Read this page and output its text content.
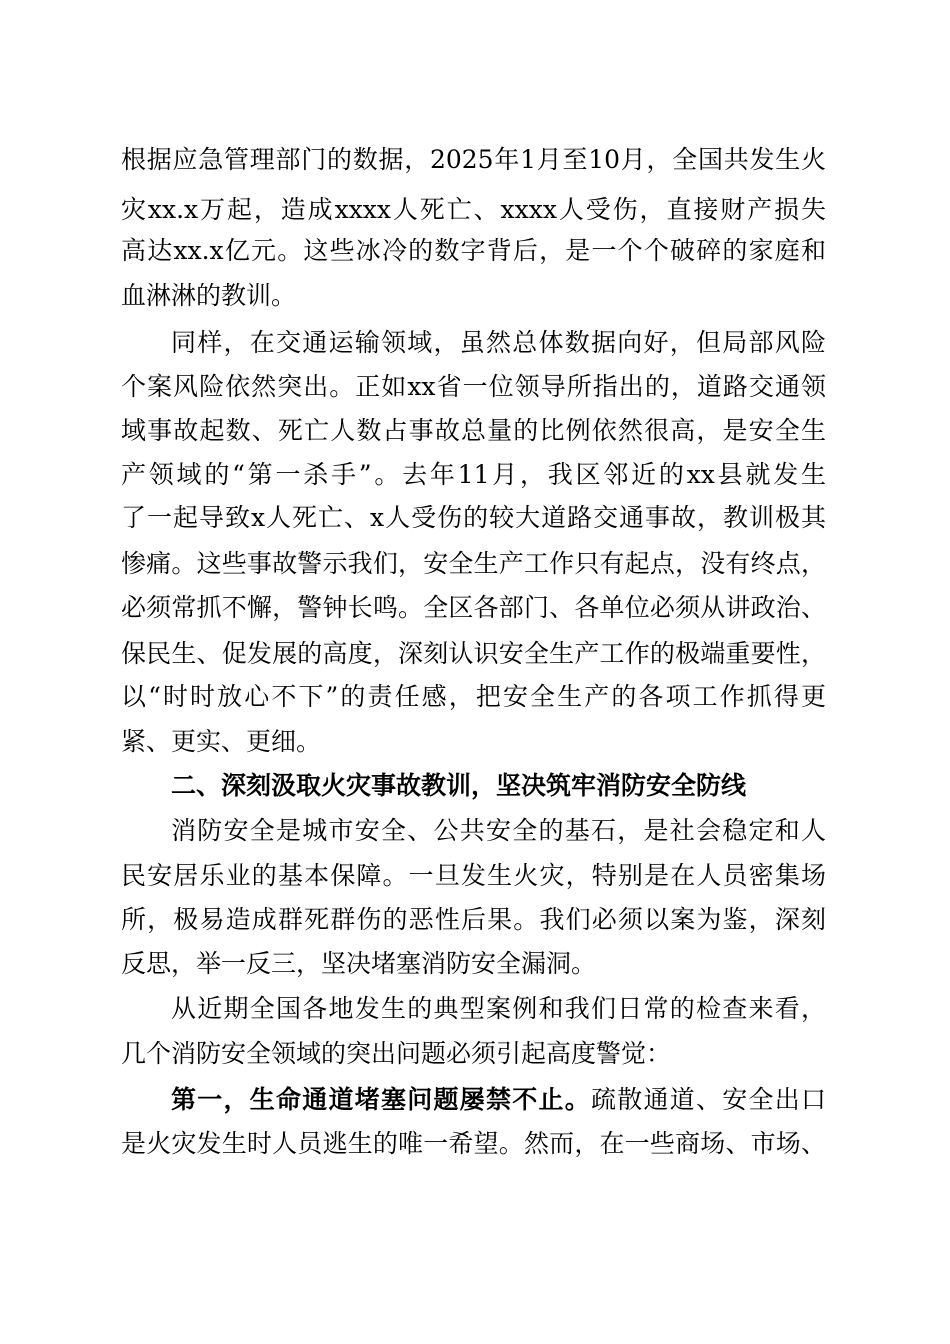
根据应急管理部门的数据，2025年1月至10月，全国共发生火
灾xx.x万起，造成xxxx人死亡、xxxx人受伤，直接财产损失
高达xx.x亿元。这些冰冷的数字背后，是一个个破碎的家庭和
血淋淋的教训。
同样，在交通运输领域，虽然总体数据向好，但局部风险
个案风险依然突出。正如xx省一位领导所指出的，道路交通领
域事故起数、死亡人数占事故总量的比例依然很高，是安全生
产领域的“第一杀手”。去年11月，我区邻近的xx县就发生
了一起导致x人死亡、x人受伤的较大道路交通事故，教训极其
惨痛。这些事故警示我们，安全生产工作只有起点，没有终点，
必须常抓不懈，警钟长鸣。全区各部门、各单位必须从讲政治、
保民生、促发展的高度，深刻认识安全生产工作的极端重要性，
以“时时放心不下”的责任感，把安全生产的各项工作抓得更
紧、更实、更细。
二、深刻汲取火灾事故教训，坚决筑牢消防安全防线
消防安全是城市安全、公共安全的基石，是社会稳定和人
民安居乐业的基本保障。一旦发生火灾，特别是在人员密集场
所，极易造成群死群伤的恶性后果。我们必须以案为鉴，深刻
反思，举一反三，坚决堵塞消防安全漏洞。
从近期全国各地发生的典型案例和我们日常的检查来看，
几个消防安全领域的突出问题必须引起高度警觉：
第一，生命通道堵塞问题屡禁不止。疏散通道、安全出口
是火灾发生时人员逃生的唯一希望。然而，在一些商场、市场、
